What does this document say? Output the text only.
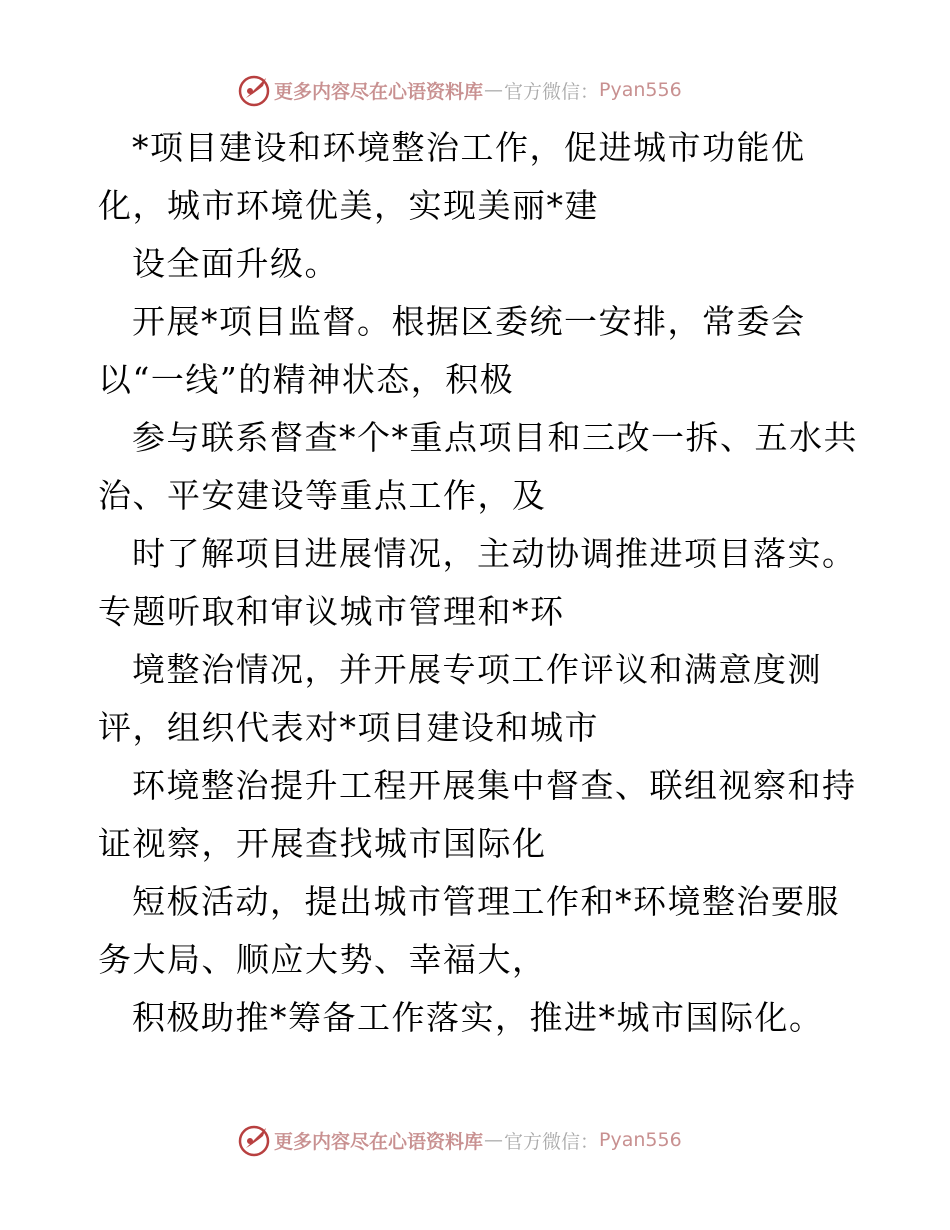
更多内容尽在心语资料库 — 官方微信： Pyan556
*项目建设和环境整治工作，促进城市功能优
化，城市环境优美，实现美丽*建
设全面升级。
开展*项目监督。根据区委统一安排，常委会
以“一线”的精神状态，积极
参与联系督查*个*重点项目和三改一拆、五水共
治、平安建设等重点工作，及
时了解项目进展情况，主动协调推进项目落实。
专题听取和审议城市管理和*环
境整治情况，并开展专项工作评议和满意度测
评，组织代表对*项目建设和城市
环境整治提升工程开展集中督查、联组视察和持
证视察，开展查找城市国际化
短板活动，提出城市管理工作和*环境整治要服
务大局、顺应大势、幸福大，
积极助推*筹备工作落实，推进*城市国际化。
更多内容尽在心语资料库 — 官方微信： Pyan556
